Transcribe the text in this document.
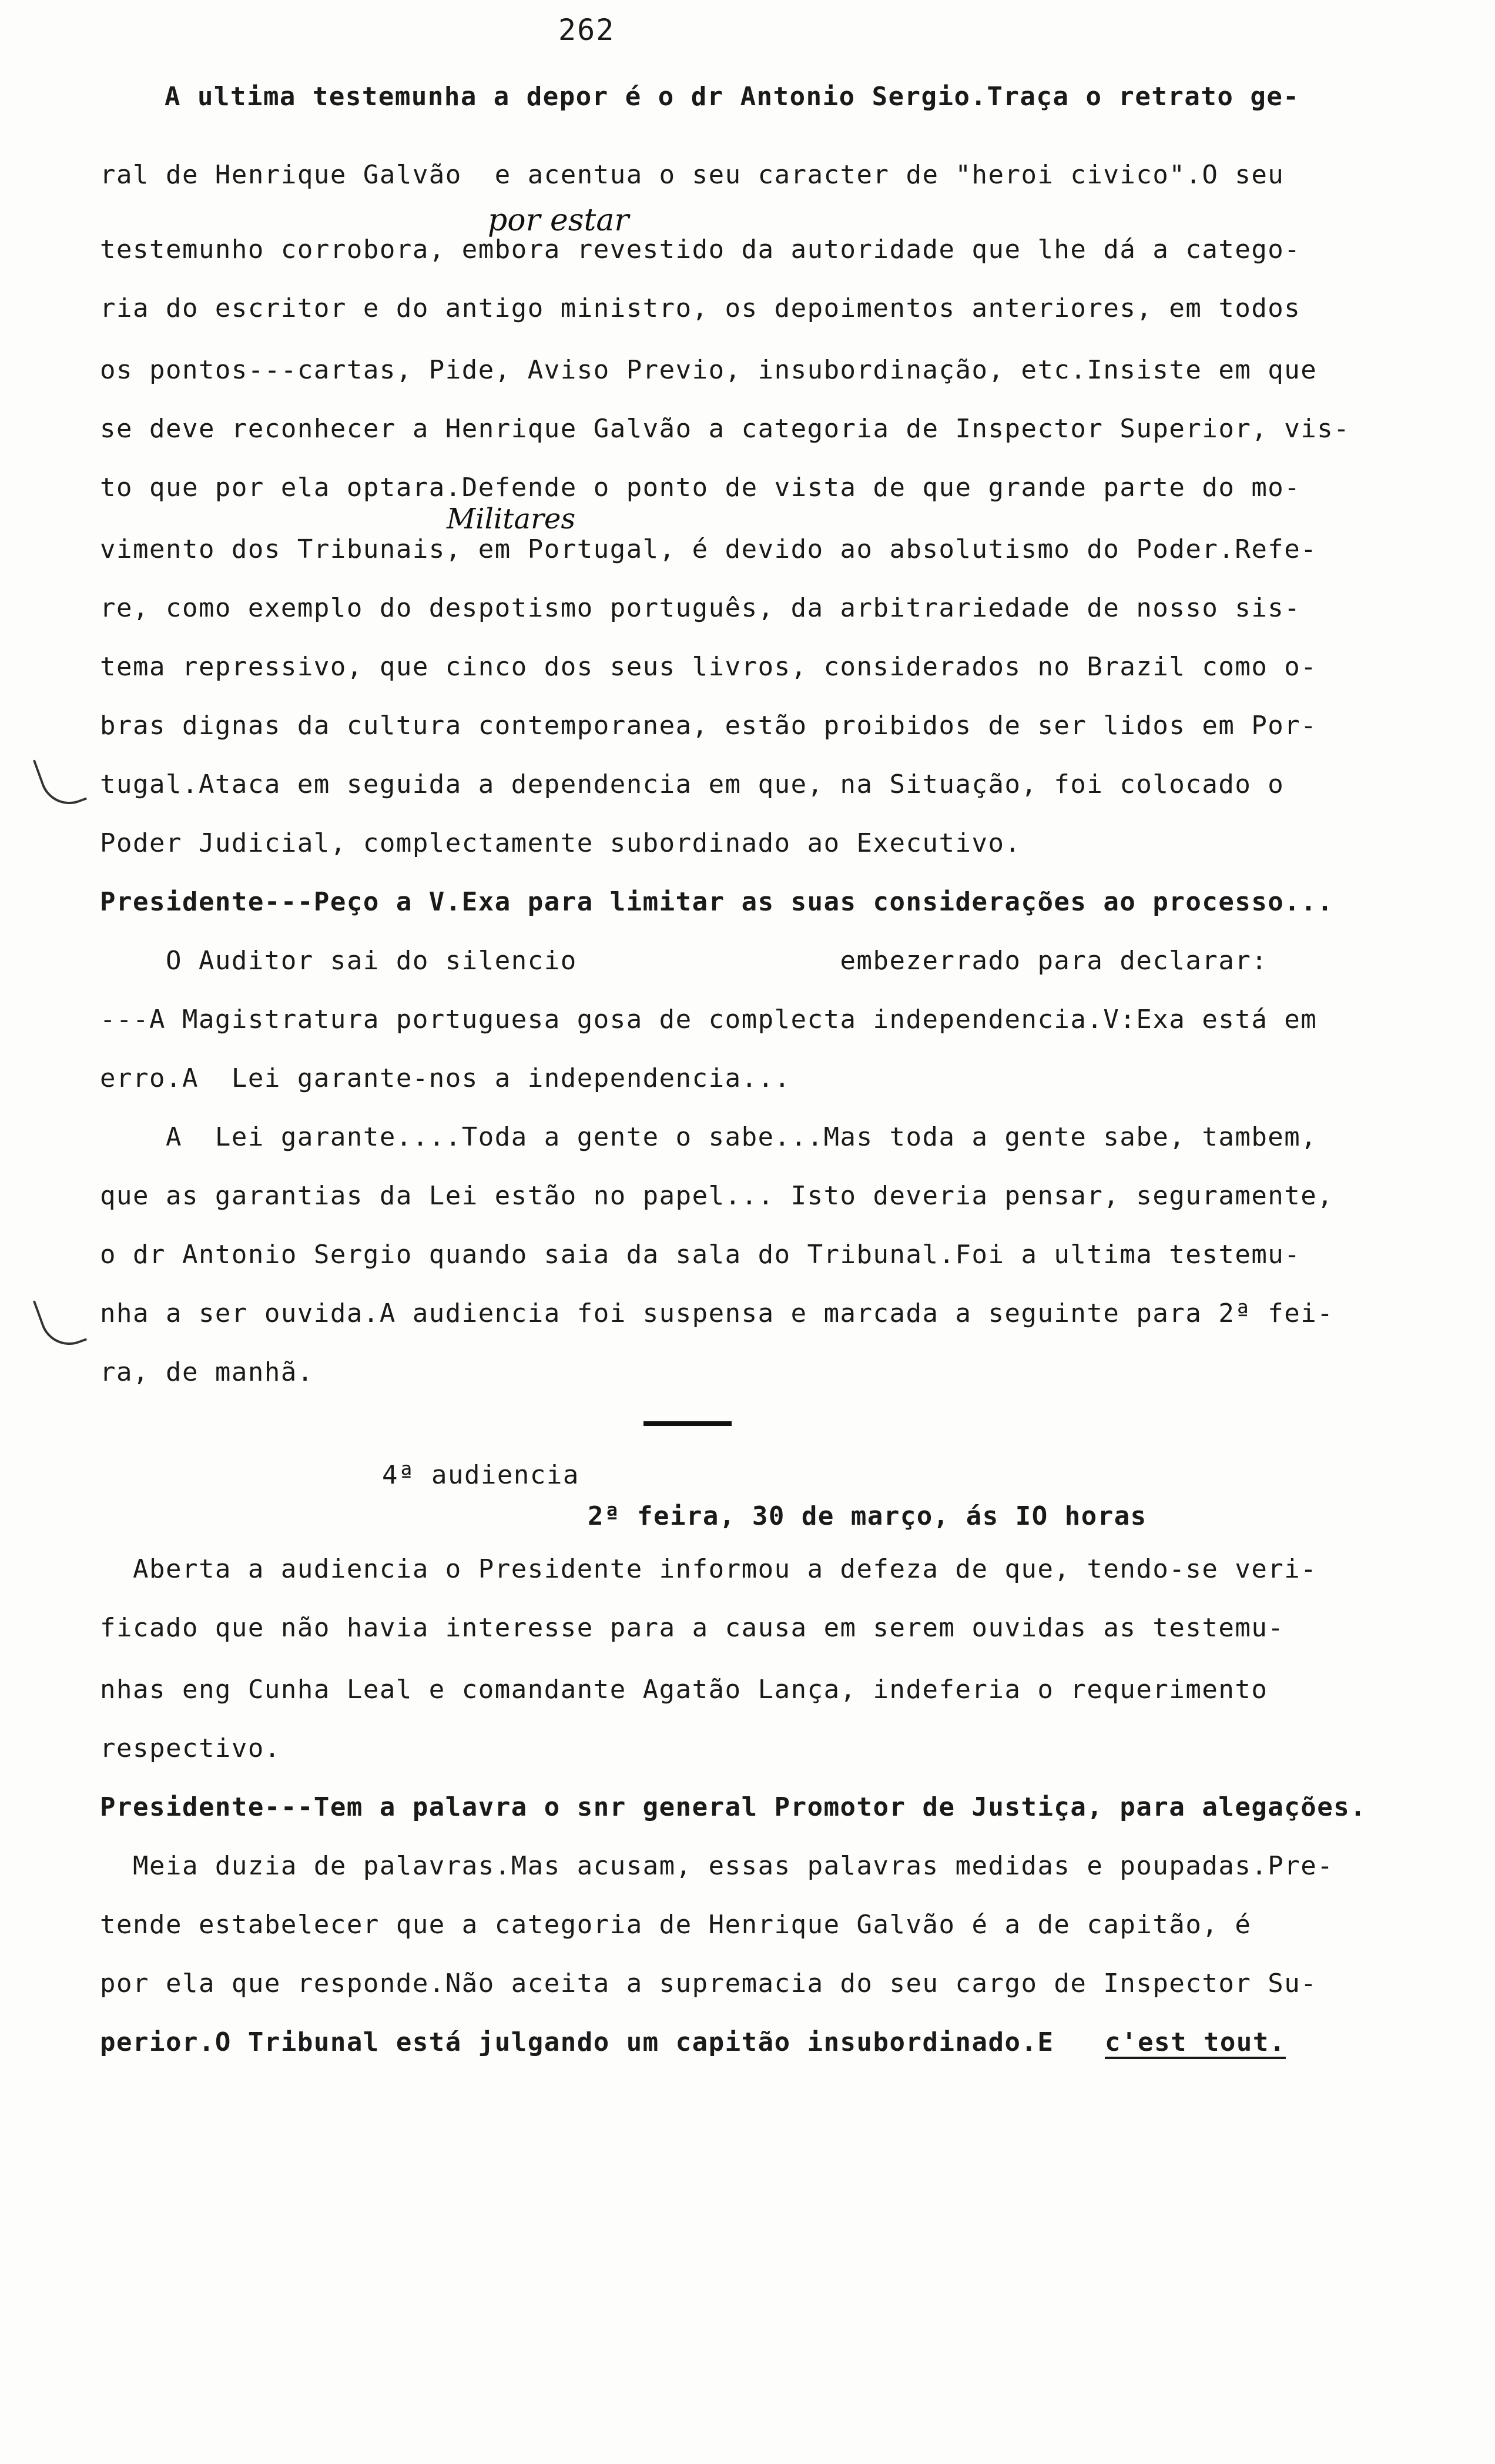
262
A ultima testemunha a depor é o dr Antonio Sergio.Traça o retrato ge-
ral de Henrique Galvão  e acentua o seu caracter de "heroi civico".O seu
por estar
testemunho corrobora, embora revestido da autoridade que lhe dá a catego-
ria do escritor e do antigo ministro, os depoimentos anteriores, em todos
os pontos---cartas, Pide, Aviso Previo, insubordinação, etc.Insiste em que
se deve reconhecer a Henrique Galvão a categoria de Inspector Superior, vis-
to que por ela optara.Defende o ponto de vista de que grande parte do mo-
Militares
vimento dos Tribunais, em Portugal, é devido ao absolutismo do Poder.Refe-
re, como exemplo do despotismo português, da arbitrariedade de nosso sis-
tema repressivo, que cinco dos seus livros, considerados no Brazil como o-
bras dignas da cultura contemporanea, estão proibidos de ser lidos em Por-
tugal.Ataca em seguida a dependencia em que, na Situação, foi colocado o
Poder Judicial, complectamente subordinado ao Executivo.
Presidente---Peço a V.Exa para limitar as suas considerações ao processo...
O Auditor sai do silencio                embezerrado para declarar:
---A Magistratura portuguesa gosa de complecta independencia.V:Exa está em
erro.A  Lei garante-nos a independencia...
A  Lei garante....Toda a gente o sabe...Mas toda a gente sabe, tambem,
que as garantias da Lei estão no papel... Isto deveria pensar, seguramente,
o dr Antonio Sergio quando saia da sala do Tribunal.Foi a ultima testemu-
nha a ser ouvida.A audiencia foi suspensa e marcada a seguinte para 2ª fei-
ra, de manhã.
4ª audiencia
2ª feira, 30 de março, ás IO horas
Aberta a audiencia o Presidente informou a defeza de que, tendo-se veri-
ficado que não havia interesse para a causa em serem ouvidas as testemu-
nhas eng Cunha Leal e comandante Agatão Lança, indeferia o requerimento
respectivo.
Presidente---Tem a palavra o snr general Promotor de Justiça, para alegações.
Meia duzia de palavras.Mas acusam, essas palavras medidas e poupadas.Pre-
tende estabelecer que a categoria de Henrique Galvão é a de capitão, é
por ela que responde.Não aceita a supremacia do seu cargo de Inspector Su-
perior.O Tribunal está julgando um capitão insubordinado.E c'est tout.
